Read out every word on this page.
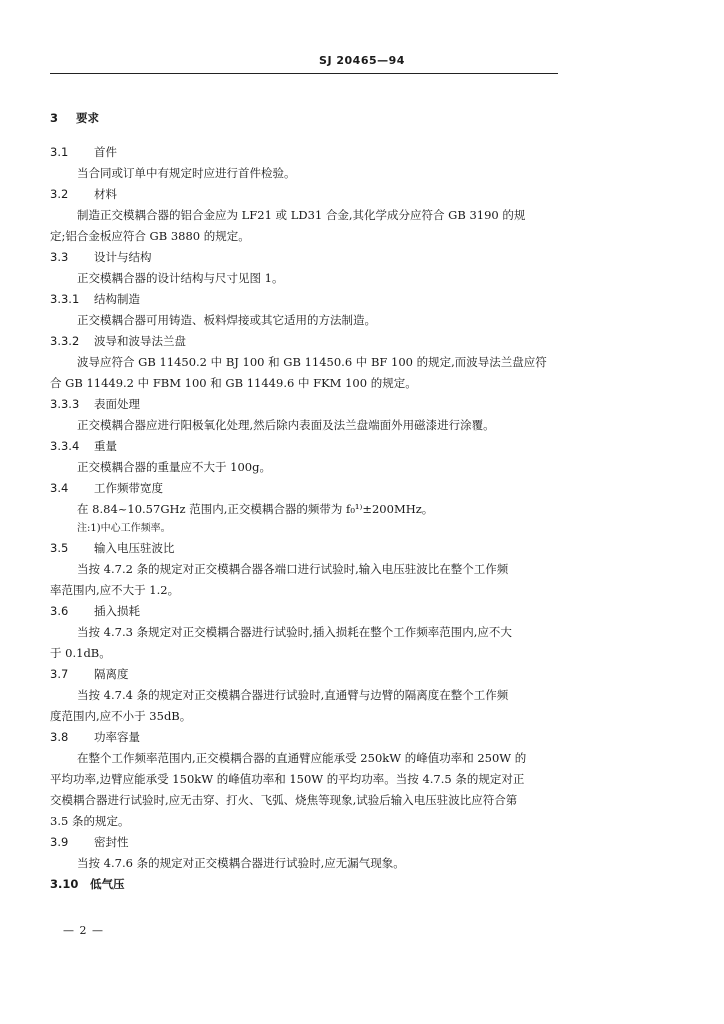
SJ 20465—94
3 要求
3.1 首件
当合同或订单中有规定时应进行首件检验。
3.2 材料
制造正交模耦合器的铝合金应为 LF21 或 LD31 合金,其化学成分应符合 GB 3190 的规
定;铝合金板应符合 GB 3880 的规定。
3.3 设计与结构
正交模耦合器的设计结构与尺寸见图 1。
3.3.1 结构制造
正交模耦合器可用铸造、板料焊接或其它适用的方法制造。
3.3.2 波导和波导法兰盘
波导应符合 GB 11450.2 中 BJ 100 和 GB 11450.6 中 BF 100 的规定,而波导法兰盘应符
合 GB 11449.2 中 FBM 100 和 GB 11449.6 中 FKM 100 的规定。
3.3.3 表面处理
正交模耦合器应进行阳极氧化处理,然后除内表面及法兰盘端面外用磁漆进行涂覆。
3.3.4 重量
正交模耦合器的重量应不大于 100g。
3.4 工作频带宽度
在 8.84~10.57GHz 范围内,正交模耦合器的频带为 f₀¹⁾±200MHz。
注:1)中心工作频率。
3.5 输入电压驻波比
当按 4.7.2 条的规定对正交模耦合器各端口进行试验时,输入电压驻波比在整个工作频
率范围内,应不大于 1.2。
3.6 插入损耗
当按 4.7.3 条规定对正交模耦合器进行试验时,插入损耗在整个工作频率范围内,应不大
于 0.1dB。
3.7 隔离度
当按 4.7.4 条的规定对正交模耦合器进行试验时,直通臂与边臂的隔离度在整个工作频
度范围内,应不小于 35dB。
3.8 功率容量
在整个工作频率范围内,正交模耦合器的直通臂应能承受 250kW 的峰值功率和 250W 的
平均功率,边臂应能承受 150kW 的峰值功率和 150W 的平均功率。当按 4.7.5 条的规定对正
交模耦合器进行试验时,应无击穿、打火、飞弧、烧焦等现象,试验后输入电压驻波比应符合第
3.5 条的规定。
3.9 密封性
当按 4.7.6 条的规定对正交模耦合器进行试验时,应无漏气现象。
3.10 低气压
— 2 —
